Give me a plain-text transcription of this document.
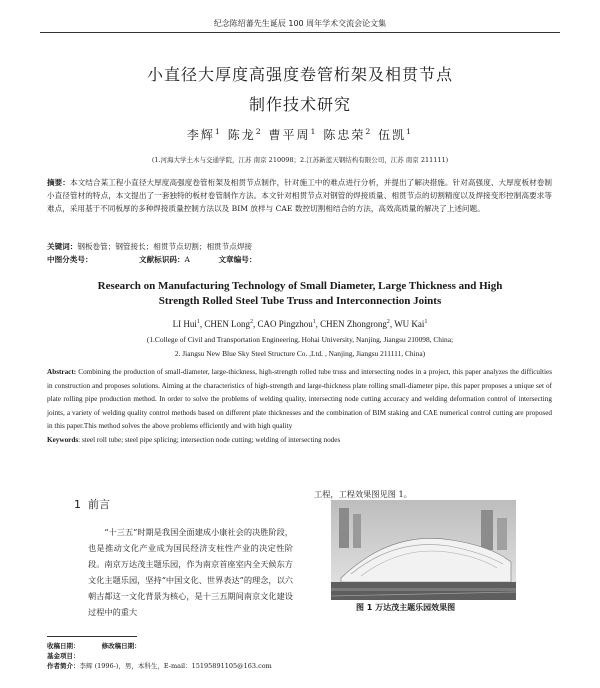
纪念陈绍蕃先生诞辰 100 周年学术交流会论文集
小直径大厚度高强度卷管桁架及相贯节点
制作技术研究
李辉$^1$ 陈龙$^2$ 曹平周$^1$ 陈忠荣$^2$ 伍凯$^1$
(1.河海大学土木与交通学院，江苏 南京 210098；2.江苏新蓝天钢结构有限公司，江苏 南京 211111)
摘要：本文结合某工程小直径大厚度高强度卷管桁架及相贯节点制作，针对施工中的难点进行分析，并提出了解决措施。针对高强度、大厚度板材卷制小直径管材的特点，本文提出了一套独特的板材卷管制作方法。本文针对相贯节点对钢管的焊接质量、相贯节点的切割精度以及焊接变形控制高要求等难点，采用基于不同板厚的多种焊接质量控制方法以及 BIM 放样与 CAE 数控切割相结合的方法，高效高质量的解决了上述问题。
关键词：钢板卷管；钢管接长；相贯节点切割；相贯节点焊接
中图分类号：	文献标识码：A	文章编号：
Research on Manufacturing Technology of Small Diameter, Large Thickness and High
Strength Rolled Steel Tube Truss and Interconnection Joints
LI Hui$^1$, CHEN Long$^2$, CAO Pingzhou$^1$, CHEN Zhongrong$^2$, WU Kai$^1$
(1.College of Civil and Transportation Engineering, Hohai University, Nanjing, Jiangsu 210098, China;
2. Jiangsu New Blue Sky Steel Structure Co. ,Ltd. , Nanjing, Jiangsu 211111, China)
Abstract: Combining the production of small-diameter, large-thickness, high-strength rolled tube truss and intersecting nodes in a project, this paper analyzes the difficulties in construction and proposes solutions. Aiming at the characteristics of high-strength and large-thickness plate rolling small-diameter pipe, this paper proposes a unique set of plate rolling pipe production method. In order to solve the problems of welding quality, intersecting node cutting accuracy and welding deformation control of intersecting joints, a variety of welding quality control methods based on different plate thicknesses and the combination of BIM staking and CAE numerical control cutting are proposed in this paper.This method solves the above problems efficiently and with high quality
Keywords: steel roll tube; steel pipe splicing; intersection node cutting; welding of intersecting nodes
1 前言
“十三五”时期是我国全面建成小康社会的决胜阶段，也是推动文化产业成为国民经济支柱性产业的决定性阶段。南京万达茂主题乐园，作为南京首座室内全天候东方文化主题乐园，坚持“中国文化、世界表达”的理念，以六朝古都这一文化背景为核心，是十三五期间南京文化建设过程中的重大
工程，工程效果图见图 1。
图 1 万达茂主题乐园效果图
收稿日期：	修改稿日期：
基金项目：
作者简介：李辉 (1996-)，男，本科生，E-mail：1519589110​5@163.com
